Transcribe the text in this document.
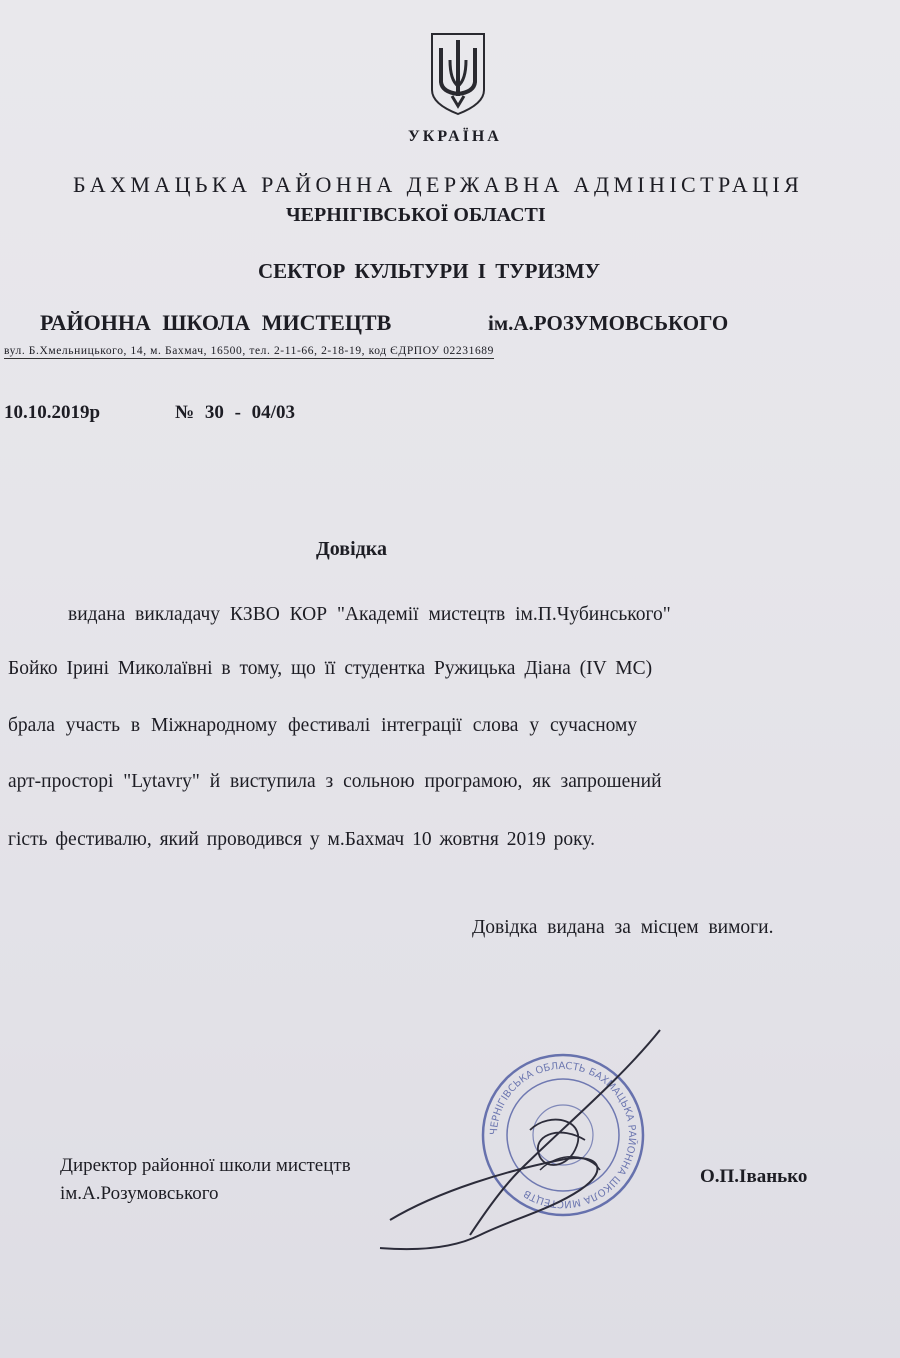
УКРАЇНА
БАХМАЦЬКА РАЙОННА ДЕРЖАВНА АДМІНІСТРАЦІЯ
ЧЕРНІГІВСЬКОЇ ОБЛАСТІ
СЕКТОР КУЛЬТУРИ І ТУРИЗМУ
РАЙОННА ШКОЛА МИСТЕЦТВ	ім.А.РОЗУМОВСЬКОГО
вул. Б.Хмельницького, 14, м. Бахмач, 16500, тел. 2-11-66, 2-18-19, код ЄДРПОУ 02231689
10.10.2019р	№ 30 - 04/03
Довідка
видана викладачу КЗВО КОР "Академії мистецтв ім.П.Чубинського"
Бойко Ірині Миколаївні в тому, що її студентка Ружицька Діана (IV МС)
брала участь в Міжнародному фестивалі інтеграції слова у сучасному
арт-просторі "Lytavry" й виступила з сольною програмою, як запрошений
гість фестивалю, який проводився у м.Бахмач 10 жовтня 2019 року.
Довідка видана за місцем вимоги.
Директор районної школи мистецтв
ім.А.Розумовського
О.П.Іванько
ЧЕРНІГІВСЬКА ОБЛАСТЬ БАХМАЦЬКА РАЙОННА ШКОЛА МИСТЕЦТВ
